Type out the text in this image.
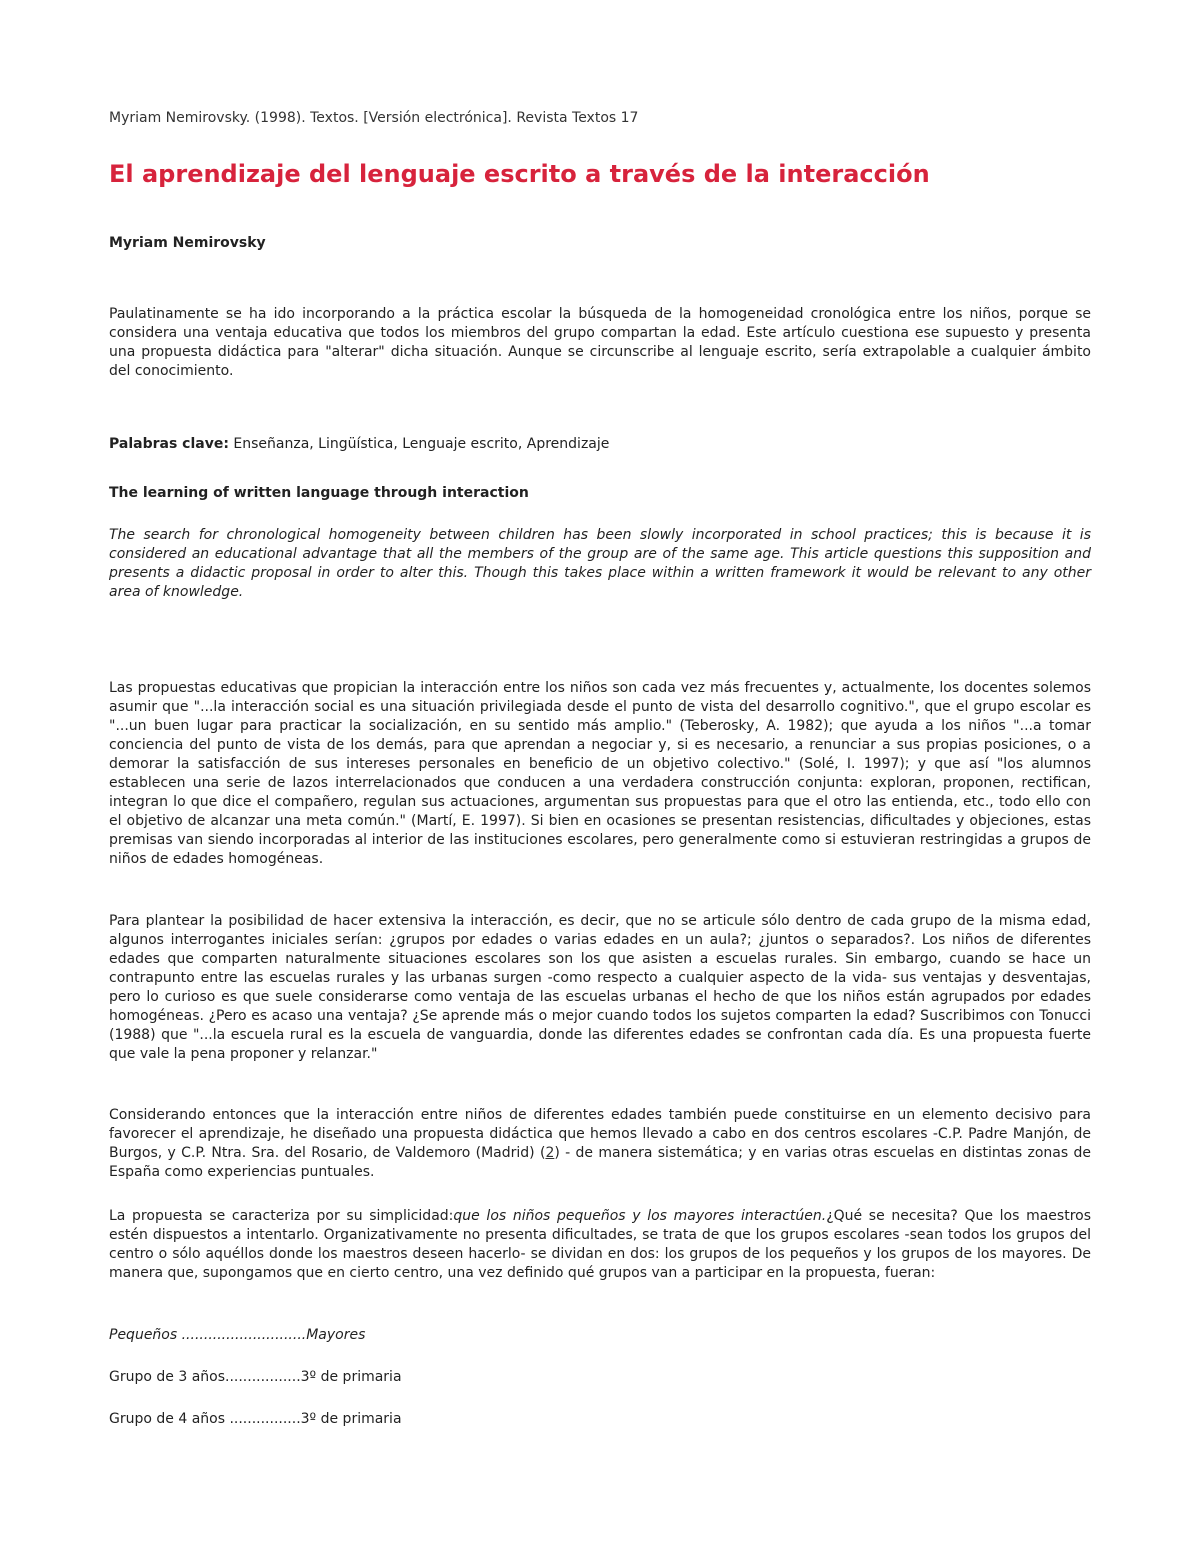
Myriam Nemirovsky. (1998). Textos. [Versión electrónica]. Revista Textos 17

El aprendizaje del lenguaje escrito a través de la interacción

Myriam Nemirovsky

Paulatinamente se ha ido incorporando a la práctica escolar la búsqueda de la homogeneidad cronológica entre los niños, porque se considera una ventaja educativa que todos los miembros del grupo compartan la edad. Este artículo cuestiona ese supuesto y presenta una propuesta didáctica para "alterar" dicha situación. Aunque se circunscribe al lenguaje escrito, sería extrapolable a cualquier ámbito del conocimiento.

Palabras clave: Enseñanza, Lingüística, Lenguaje escrito, Aprendizaje

The learning of written language through interaction

The search for chronological homogeneity between children has been slowly incorporated in school practices; this is because it is considered an educational advantage that all the members of the group are of the same age. This article questions this supposition and presents a didactic proposal in order to alter this. Though this takes place within a written framework it would be relevant to any other area of knowledge.

Las propuestas educativas que propician la interacción entre los niños son cada vez más frecuentes y, actualmente, los docentes solemos asumir que "...la interacción social es una situación privilegiada desde el punto de vista del desarrollo cognitivo.", que el grupo escolar es "...un buen lugar para practicar la socialización, en su sentido más amplio." (Teberosky, A. 1982); que ayuda a los niños "...a tomar conciencia del punto de vista de los demás, para que aprendan a negociar y, si es necesario, a renunciar a sus propias posiciones, o a demorar la satisfacción de sus intereses personales en beneficio de un objetivo colectivo." (Solé, I. 1997); y que así "los alumnos establecen una serie de lazos interrelacionados que conducen a una verdadera construcción conjunta: exploran, proponen, rectifican, integran lo que dice el compañero, regulan sus actuaciones, argumentan sus propuestas para que el otro las entienda, etc., todo ello con el objetivo de alcanzar una meta común." (Martí, E. 1997). Si bien en ocasiones se presentan resistencias, dificultades y objeciones, estas premisas van siendo incorporadas al interior de las instituciones escolares, pero generalmente como si estuvieran restringidas a grupos de niños de edades homogéneas.

Para plantear la posibilidad de hacer extensiva la interacción, es decir, que no se articule sólo dentro de cada grupo de la misma edad, algunos interrogantes iniciales serían: ¿grupos por edades o varias edades en un aula?; ¿juntos o separados?. Los niños de diferentes edades que comparten naturalmente situaciones escolares son los que asisten a escuelas rurales. Sin embargo, cuando se hace un contrapunto entre las escuelas rurales y las urbanas surgen -como respecto a cualquier aspecto de la vida- sus ventajas y desventajas, pero lo curioso es que suele considerarse como ventaja de las escuelas urbanas el hecho de que los niños están agrupados por edades homogéneas. ¿Pero es acaso una ventaja? ¿Se aprende más o mejor cuando todos los sujetos comparten la edad? Suscribimos con Tonucci (1988) que "...la escuela rural es la escuela de vanguardia, donde las diferentes edades se confrontan cada día. Es una propuesta fuerte que vale la pena proponer y relanzar."

Considerando entonces que la interacción entre niños de diferentes edades también puede constituirse en un elemento decisivo para favorecer el aprendizaje, he diseñado una propuesta didáctica que hemos llevado a cabo en dos centros escolares -C.P. Padre Manjón, de Burgos, y C.P. Ntra. Sra. del Rosario, de Valdemoro (Madrid) (2) - de manera sistemática; y en varias otras escuelas en distintas zonas de España como experiencias puntuales.

La propuesta se caracteriza por su simplicidad:que los niños pequeños y los mayores interactúen.¿Qué se necesita? Que los maestros estén dispuestos a intentarlo. Organizativamente no presenta dificultades, se trata de que los grupos escolares -sean todos los grupos del centro o sólo aquéllos donde los maestros deseen hacerlo- se dividan en dos: los grupos de los pequeños y los grupos de los mayores. De manera que, supongamos que en cierto centro, una vez definido qué grupos van a participar en la propuesta, fueran:

Pequeños ............................Mayores

Grupo de 3 años.................3º de primaria

Grupo de 4 años ................3º de primaria
